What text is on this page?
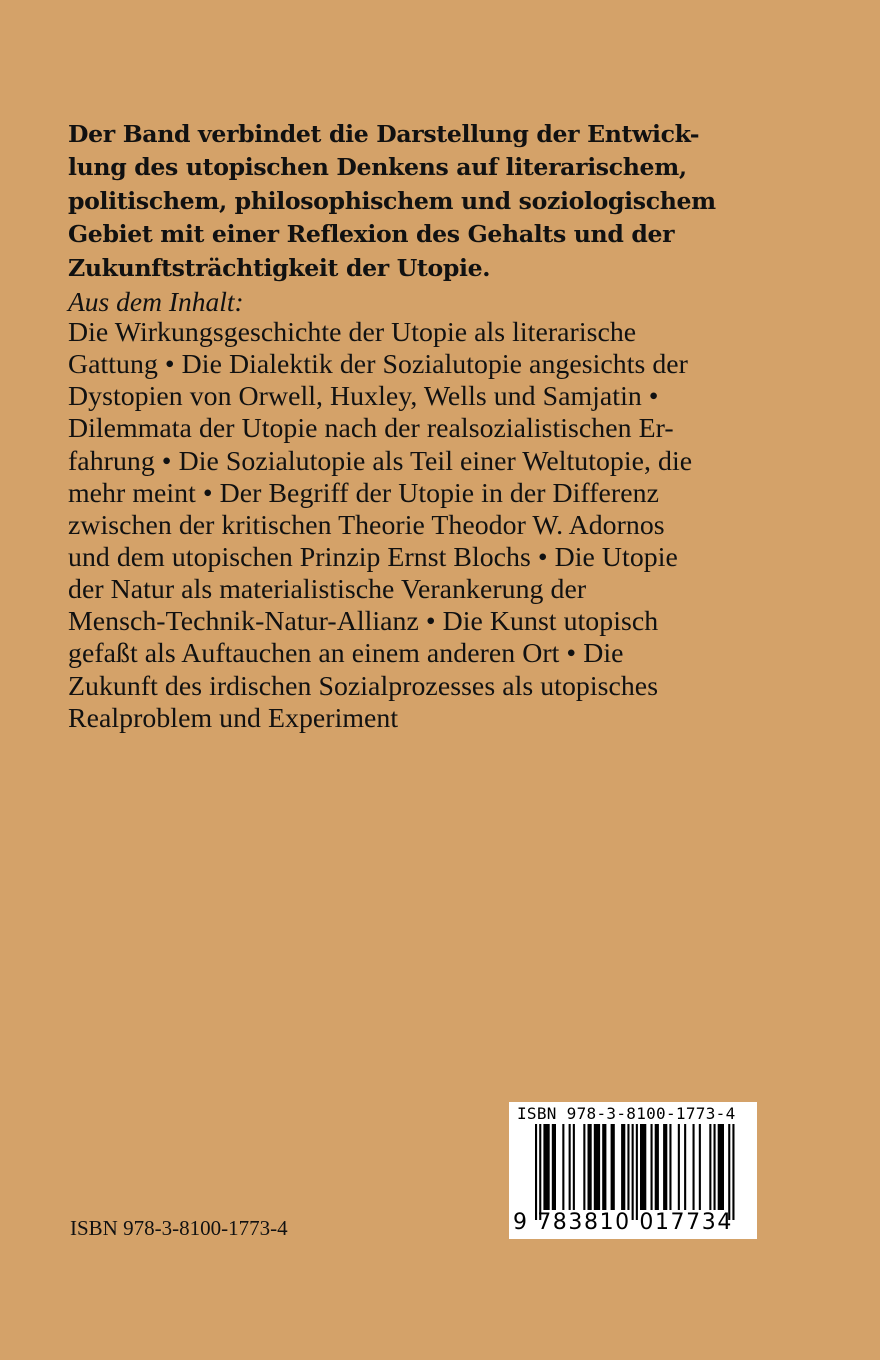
Der Band verbindet die Darstellung der Entwick-
lung des utopischen Denkens auf literarischem,
politischem, philosophischem und soziologischem
Gebiet mit einer Reflexion des Gehalts und der
Zukunftsträchtigkeit der Utopie.
Aus dem Inhalt:
Die Wirkungsgeschichte der Utopie als literarische
Gattung • Die Dialektik der Sozialutopie angesichts der
Dystopien von Orwell, Huxley, Wells und Samjatin •
Dilemmata der Utopie nach der realsozialistischen Er-
fahrung • Die Sozialutopie als Teil einer Weltutopie, die
mehr meint • Der Begriff der Utopie in der Differenz
zwischen der kritischen Theorie Theodor W. Adornos
und dem utopischen Prinzip Ernst Blochs • Die Utopie
der Natur als materialistische Verankerung der
Mensch-Technik-Natur-Allianz • Die Kunst utopisch
gefaßt als Auftauchen an einem anderen Ort • Die
Zukunft des irdischen Sozialprozesses als utopisches
Realproblem und Experiment
ISBN 978-3-8100-1773-4
9 783810 017734
ISBN 978-3-8100-1773-4
